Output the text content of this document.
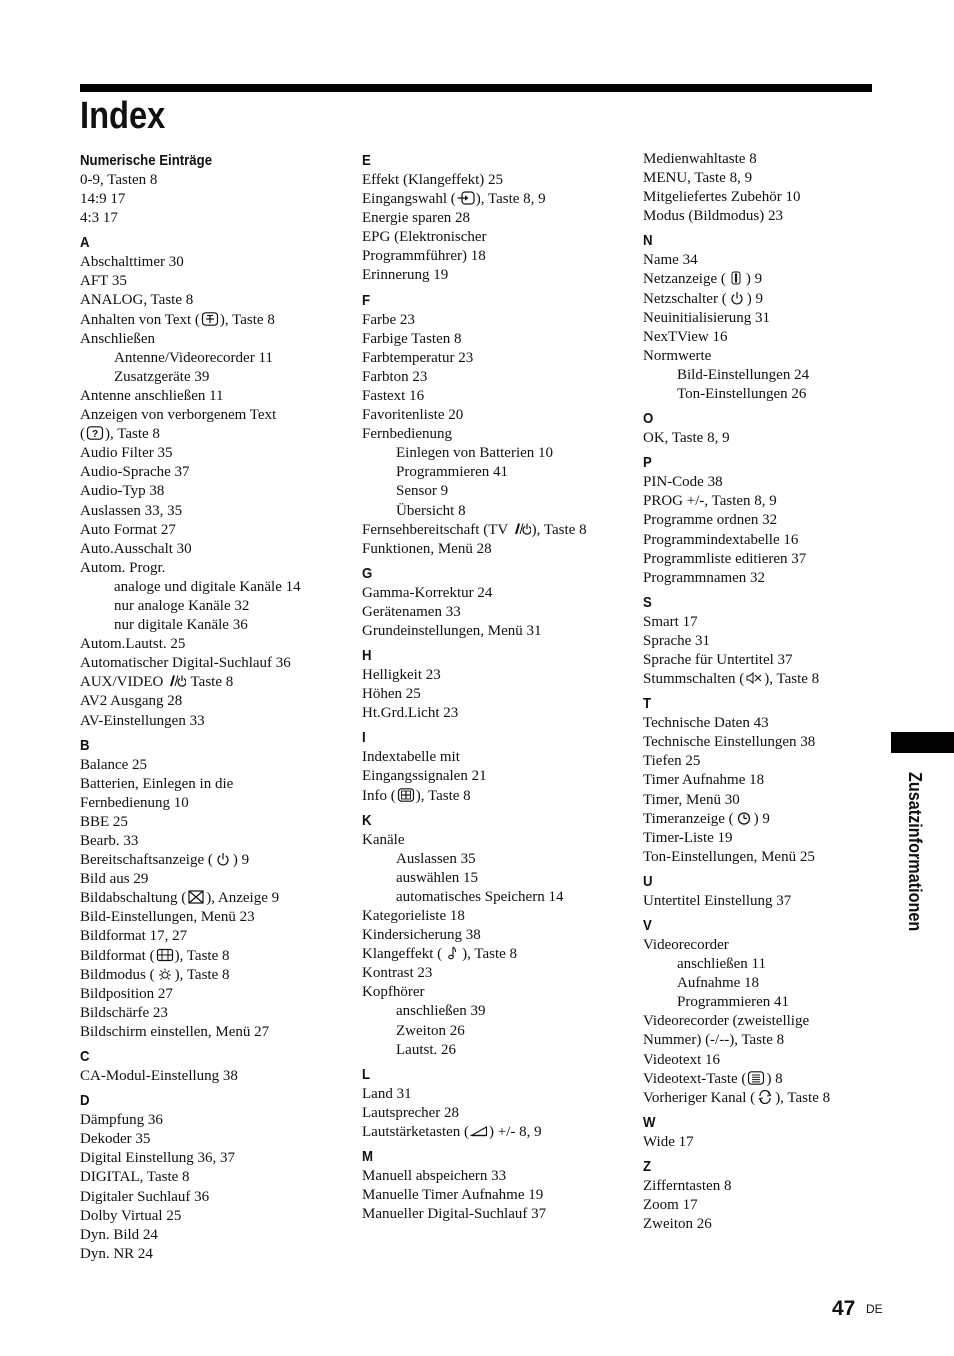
Index
Numerische Einträge
0-9, Tasten 8
14:9 17
4:3 17
A
Abschalttimer 30
AFT 35
ANALOG, Taste 8
Anhalten von Text ( ), Taste 8
Anschließen
Antenne/Videorecorder 11
Zusatzgeräte 39
Antenne anschließen 11
Anzeigen von verborgenem Text
( ? ), Taste 8
Audio Filter 35
Audio-Sprache 37
Audio-Typ 38
Auslassen 33, 35
Auto Format 27
Auto.Ausschalt 30
Autom. Progr.
analoge und digitale Kanäle 14
nur analoge Kanäle 32
nur digitale Kanäle 36
Autom.Lautst. 25
Automatischer Digital-Suchlauf 36
AUX/VIDEO
Taste 8
AV2 Ausgang 28
AV-Einstellungen 33
B
Balance 25
Batterien, Einlegen in die
Fernbedienung 10
BBE 25
Bearb. 33
Bereitschaftsanzeige ( ) 9
Bild aus 29
Bildabschaltung ( ), Anzeige 9
Bild-Einstellungen, Menü 23
Bildformat 17, 27
Bildformat ( ), Taste 8
Bildmodus ( ), Taste 8
Bildposition 27
Bildschärfe 23
Bildschirm einstellen, Menü 27
C
CA-Modul-Einstellung 38
D
Dämpfung 36
Dekoder 35
Digital Einstellung 36, 37
DIGITAL, Taste 8
Digitaler Suchlauf 36
Dolby Virtual 25
Dyn. Bild 24
Dyn. NR 24
E
Effekt (Klangeffekt) 25
Eingangswahl ( ), Taste 8, 9
Energie sparen 28
EPG (Elektronischer
Programmführer) 18
Erinnerung 19
F
Farbe 23
Farbige Tasten 8
Farbtemperatur 23
Farbton 23
Fastext 16
Favoritenliste 20
Fernbedienung
Einlegen von Batterien 10
Programmieren 41
Sensor 9
Übersicht 8
Fernsehbereitschaft (TV
), Taste 8
Funktionen, Menü 28
G
Gamma-Korrektur 24
Gerätenamen 33
Grundeinstellungen, Menü 31
H
Helligkeit 23
Höhen 25
Ht.Grd.Licht 23
I
Indextabelle mit
Eingangssignalen 21
Info ( ), Taste 8
K
Kanäle
Auslassen 35
auswählen 15
automatisches Speichern 14
Kategorieliste 18
Kindersicherung 38
Klangeffekt ( ), Taste 8
Kontrast 23
Kopfhörer
anschließen 39
Zweiton 26
Lautst. 26
L
Land 31
Lautsprecher 28
Lautstärketasten ( ) +/- 8, 9
M
Manuell abspeichern 33
Manuelle Timer Aufnahme 19
Manueller Digital-Suchlauf 37
Medienwahltaste 8
MENU, Taste 8, 9
Mitgeliefertes Zubehör 10
Modus (Bildmodus) 23
N
Name 34
Netzanzeige ( ) 9
Netzschalter ( ) 9
Neuinitialisierung 31
NexTView 16
Normwerte
Bild-Einstellungen 24
Ton-Einstellungen 26
O
OK, Taste 8, 9
P
PIN-Code 38
PROG +/-, Tasten 8, 9
Programme ordnen 32
Programmindextabelle 16
Programmliste editieren 37
Programmnamen 32
S
Smart 17
Sprache 31
Sprache für Untertitel 37
Stummschalten ( ), Taste 8
T
Technische Daten 43
Technische Einstellungen 38
Tiefen 25
Timer Aufnahme 18
Timer, Menü 30
Timeranzeige ( ) 9
Timer-Liste 19
Ton-Einstellungen, Menü 25
U
Untertitel Einstellung 37
V
Videorecorder
anschließen 11
Aufnahme 18
Programmieren 41
Videorecorder (zweistellige
Nummer) (-/--), Taste 8
Videotext 16
Videotext-Taste ( ) 8
Vorheriger Kanal ( ), Taste 8
W
Wide 17
Z
Zifferntasten 8
Zoom 17
Zweiton 26
Zusatzinformationen
47 DE
